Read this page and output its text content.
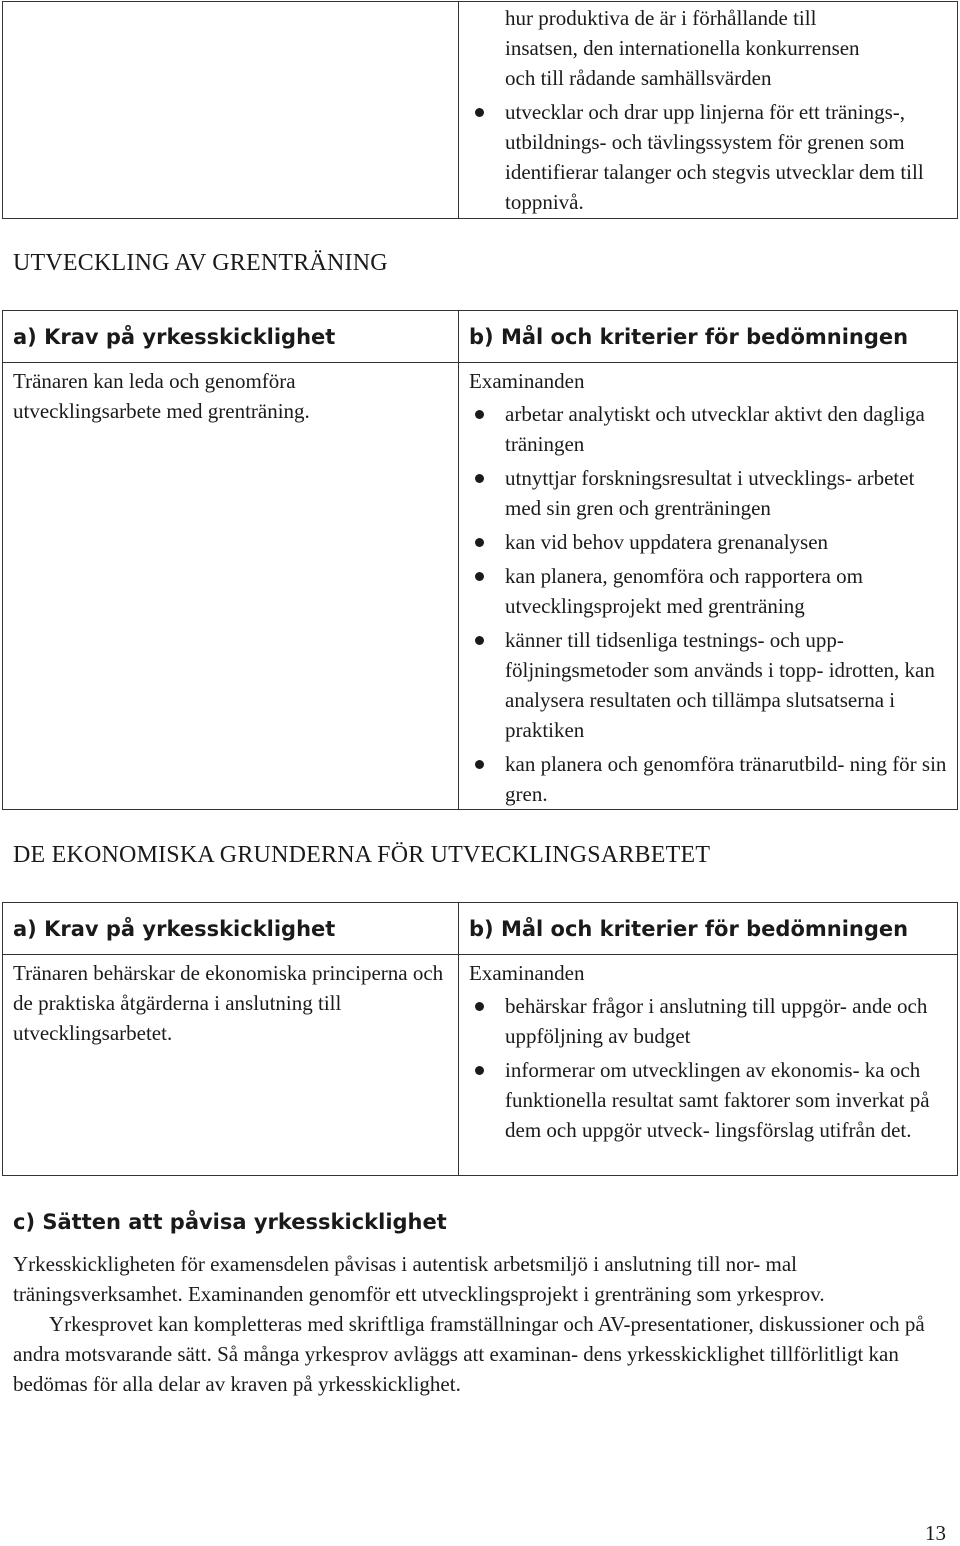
hur produktiva de är i förhållande till
insatsen, den internationella konkurrensen
och till rådande samhällsvärden
utvecklar och drar upp linjerna för ett tränings-, utbildnings- och tävlingssystem för grenen som identifierar talanger och stegvis utvecklar dem till toppnivå.
UTVECKLING AV GRENTRÄNING
a) Krav på yrkesskicklighet	b) Mål och kriterier för bedömningen
Tränaren kan leda och genomföra utvecklingsarbete med grenträning.
Examinanden
arbetar analytiskt och utvecklar aktivt den dagliga träningen
utnyttjar forskningsresultat i utvecklings- arbetet med sin gren och grenträningen
kan vid behov uppdatera grenanalysen
kan planera, genomföra och rapportera om utvecklingsprojekt med grenträning
känner till tidsenliga testnings- och upp- följningsmetoder som används i topp- idrotten, kan analysera resultaten och tillämpa slutsatserna i praktiken
kan planera och genomföra tränarutbild- ning för sin gren.
DE EKONOMISKA GRUNDERNA FÖR UTVECKLINGSARBETET
a) Krav på yrkesskicklighet	b) Mål och kriterier för bedömningen
Tränaren behärskar de ekonomiska principerna och de praktiska åtgärderna i anslutning till utvecklingsarbetet.
Examinanden
behärskar frågor i anslutning till uppgör- ande och uppföljning av budget
informerar om utvecklingen av ekonomis- ka och funktionella resultat samt faktorer som inverkat på dem och uppgör utveck- lingsförslag utifrån det.
c) Sätten att påvisa yrkesskicklighet

Yrkesskickligheten för examensdelen påvisas i autentisk arbetsmiljö i anslutning till nor- mal träningsverksamhet. Examinanden genomför ett utvecklingsprojekt i grenträning som yrkesprov.

Yrkesprovet kan kompletteras med skriftliga framställningar och AV-presentationer, diskussioner och på andra motsvarande sätt. Så många yrkesprov avläggs att examinan- dens yrkesskicklighet tillförlitligt kan bedömas för alla delar av kraven på yrkesskicklighet.

13
